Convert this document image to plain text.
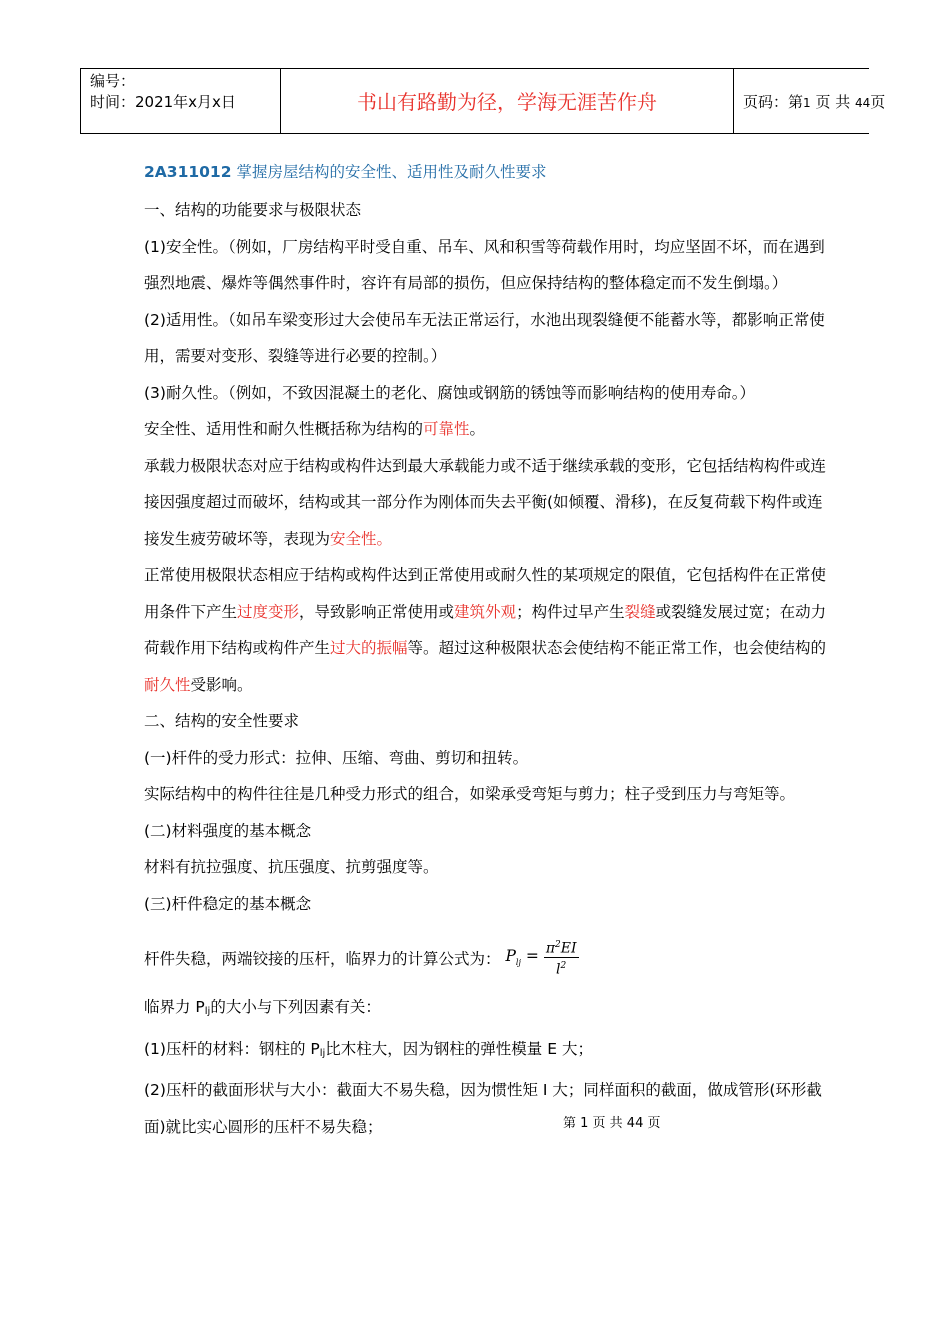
编号：
时间：2021年x月x日	书山有路勤为径，学海无涯苦作舟	页码：第1 页 共 44页

2A311012 掌握房屋结构的安全性、适用性及耐久性要求

一、结构的功能要求与极限状态

(1)安全性。（例如，厂房结构平时受自重、吊车、风和积雪等荷载作用时，均应坚固不坏，而在遇到强烈地震、爆炸等偶然事件时，容许有局部的损伤，但应保持结构的整体稳定而不发生倒塌。）

(2)适用性。（如吊车梁变形过大会使吊车无法正常运行，水池出现裂缝便不能蓄水等，都影响正常使用，需要对变形、裂缝等进行必要的控制。）

(3)耐久性。（例如，不致因混凝土的老化、腐蚀或钢筋的锈蚀等而影响结构的使用寿命。）

安全性、适用性和耐久性概括称为结构的可靠性。

承载力极限状态对应于结构或构件达到最大承载能力或不适于继续承载的变形，它包括结构构件或连接因强度超过而破坏，结构或其一部分作为刚体而失去平衡(如倾覆、滑移)，在反复荷载下构件或连接发生疲劳破坏等，表现为安全性。

正常使用极限状态相应于结构或构件达到正常使用或耐久性的某项规定的限值，它包括构件在正常使用条件下产生过度变形，导致影响正常使用或建筑外观；构件过早产生裂缝或裂缝发展过宽；在动力荷载作用下结构或构件产生过大的振幅等。超过这种极限状态会使结构不能正常工作，也会使结构的耐久性受影响。

二、结构的安全性要求

(一)杆件的受力形式：拉伸、压缩、弯曲、剪切和扭转。

实际结构中的构件往往是几种受力形式的组合，如梁承受弯矩与剪力；柱子受到压力与弯矩等。

(二)材料强度的基本概念

材料有抗拉强度、抗压强度、抗剪强度等。

(三)杆件稳定的基本概念

杆件失稳，两端铰接的压杆，临界力的计算公式为： $P_{lj} = \frac{\pi^2EI}{l^2}$

临界力 $P_{lj}$的大小与下列因素有关：

(1)压杆的材料：钢柱的 $P_{lj}$比木柱大，因为钢柱的弹性模量 E 大；

(2)压杆的截面形状与大小：截面大不易失稳，因为惯性矩 I 大；同样面积的截面，做成管形(环形截面)就比实心圆形的压杆不易失稳；	第 1 页 共 44 页
